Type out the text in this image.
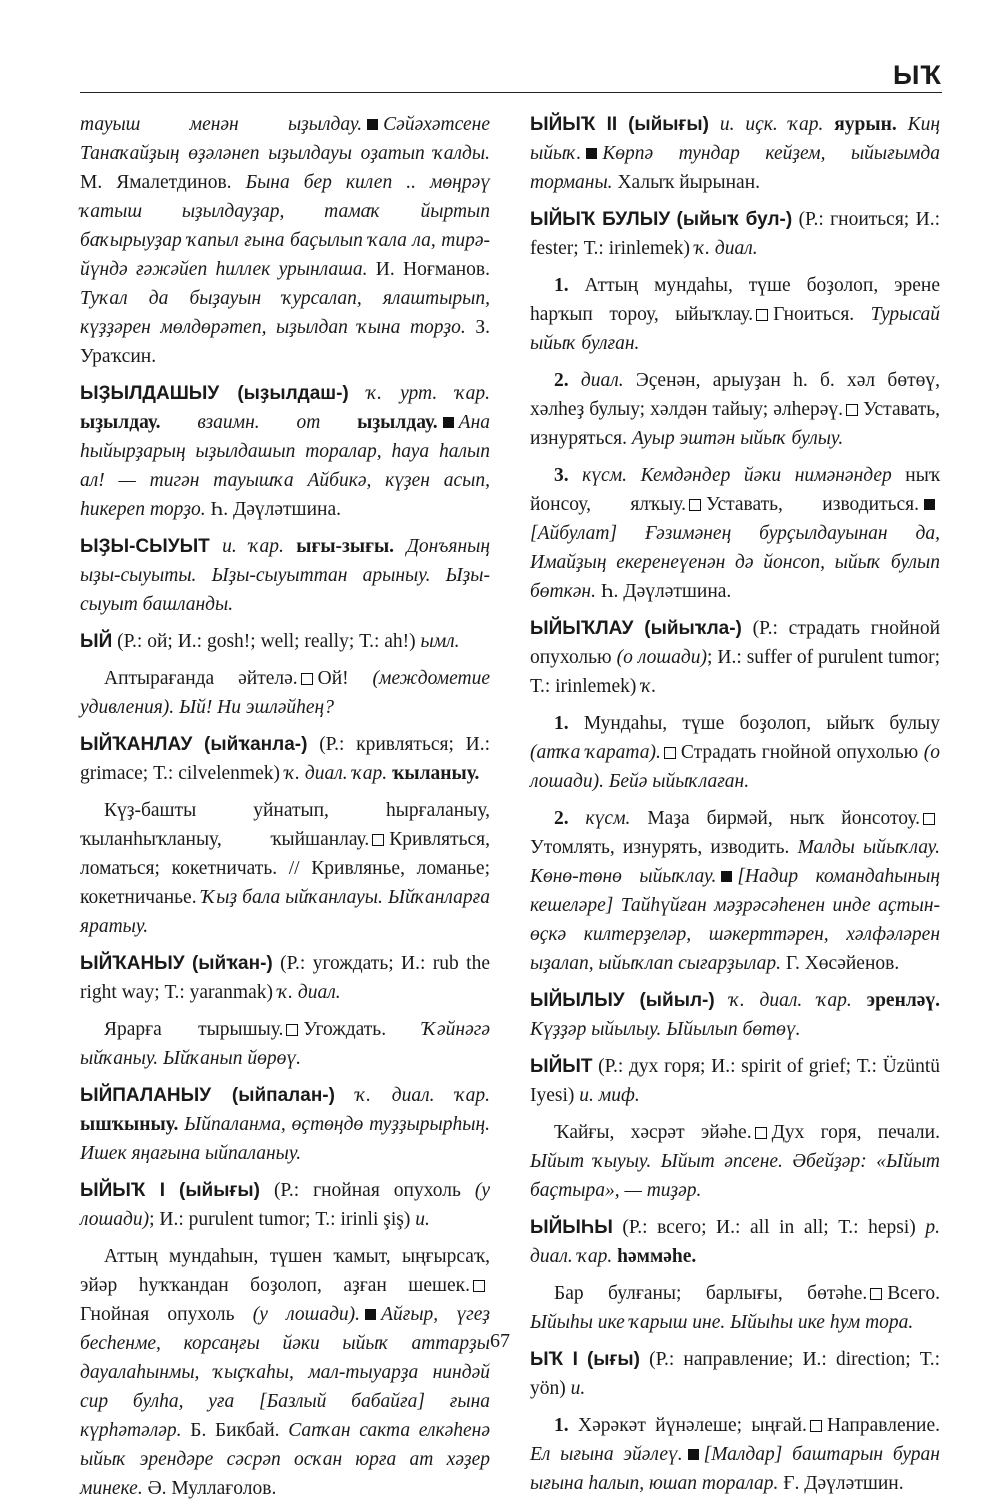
ЫҠ

тауыш менән ыҙылдау. Сәйәхәтсене Танаҡайҙың өҙәләнеп ыҙылдауы оҙатып ҡалды. М. Ямалетдинов. Бына бер килеп .. мөңрәү ҡатыш ыҙылдауҙар, тамаҡ йыртып баҡырыуҙар ҡапыл ғына баҫылып ҡала ла, тирә-йүндә ғәжәйеп һиллек урынлаша. И. Ноғманов. Туҡал да быҙауын ҡурсалап, ялаштырып, күҙҙәрен мөлдөрәтеп, ыҙылдап ҡына торҙо. З. Ураҡсин.

ЫҘЫЛДАШЫУ (ыҙылдаш-) ҡ. урт. ҡар. ыҙылдау. взаимн. от ыҙылдау. Ана һыйырҙарың ыҙылдашып торалар, һауа һалып ал! — тигән тауышҡа Айбикә, күҙен асып, һикереп торҙо. Һ. Дәүләтшина.

ЫҘЫ-СЫУЫТ и. ҡар. ығы-зығы. Донъяның ыҙы-сыуыты. Ыҙы-сыуыттан арыныу. Ыҙы-сыуыт башланды.

ЫЙ (Р.: ой; И.: gosh!; well; really; Т.: ah!) ымл.

Аптырағанда әйтелә. Ой! (междометие удивления). Ый! Ни эшләйһең?

ЫЙҠАНЛАУ (ыйҡанла-) (Р.: кривляться; И.: grimace; Т.: cilvelenmek) ҡ. диал. ҡар. ҡыланыу.

Күҙ-башты уйнатып, һырғаланыу, ҡыланһыҡланыу, ҡыйшанлау. Кривляться, ломаться; кокетничать. // Кривлянье, ломанье; кокетничанье. Ҡыҙ бала ыйҡанлауы. Ыйҡанларға яратыу.

ЫЙҠАНЫУ (ыйҡан-) (Р.: угождать; И.: rub the right way; Т.: yaranmak) ҡ. диал.

Ярарға тырышыу. Угождать. Ҡәйнәгә ыйҡаныу. Ыйҡанып йөрөү.

ЫЙПАЛАНЫУ (ыйпалан-) ҡ. диал. ҡар. ышҡыныу. Ыйпаланма, өҫтөңдө туҙҙырырһың. Ишек яңағына ыйпаланыу.

ЫЙЫҠ I (ыйығы) (Р.: гнойная опухоль (у лошади); И.: purulent tumor; Т.: irinli şiş) и.

Аттың мундаһын, түшен ҡамыт, ыңғырсаҡ, эйәр һуҡҡандан боҙолоп, аҙған шешек.Гнойная опухоль (у лошади). Айғыр, үгеҙ бесһенме, корсаңғы йәки ыйыҡ аттарҙы дауалаһынмы, ҡыҫҡаһы, мал-тыуарҙа ниндәй сир булһа, уға [Базлый бабайға] ғына күрһәтәләр. Б. Бикбай. Сапҡан сакта елкәһенә ыйыҡ эрендәре сәсрәп осҡан юрға ат хәҙер минеке. Ә. Муллағолов.

ЫЙЫҠ II (ыйығы) и. иҫк. ҡар. яурын. Киң ыйыҡ. Көрпә тундар кейҙем, ыйығымда торманы. Халыҡ йырынан.

ЫЙЫҠ БУЛЫУ (ыйыҡ бул-) (Р.: гноиться; И.: fester; Т.: irinlemek) ҡ. диал.

1. Аттың мундаһы, түше боҙолоп, эрене һарҡып тороу, ыйыҡлау. Гноиться. Турысай ыйыҡ булған.

2. диал. Эҫенән, арыуҙан һ. б. хәл бөтөү, хәлһеҙ булыу; хәлдән тайыу; әлһерәү. Уставать, изнуряться. Ауыр эштән ыйыҡ булыу.

3. күсм. Кемдәндер йәки нимәнәндер ныҡ йонсоу, ялҡыу. Уставать, изводиться.[Айбулат] Ғәзимәнең бурҫылдауынан да, Имайҙың екеренеүенән дә йонсоп, ыйыҡ булып бөткән. Һ. Дәүләтшина.

ЫЙЫҠЛАУ (ыйыҡла-) (Р.: страдать гнойной опухолью (о лошади); И.: suffer of purulent tumor; Т.: irinlemek) ҡ.

1. Мундаһы, түше боҙолоп, ыйыҡ булыу (атҡа ҡарата). Страдать гнойной опухолью (о лошади). Бейә ыйыҡлаған.

2. күсм. Маҙа бирмәй, ныҡ йонсотоу.Утомлять, изнурять, изводить. Малды ыйыҡлау. Көнө-төнө ыйыҡлау. [Надир командаһының кешеләре] Тайһүйған мәҙрәсәһенен инде аҫтын-өҫкә килтерҙеләр, шәкерттәрен, хәлфәләрен ыҙалап, ыйыҡлап сығарҙылар. Г. Хөсәйенов.

ЫЙЫЛЫУ (ыйыл-) ҡ. диал. ҡар. эренләү. Күҙҙәр ыйылыу. Ыйылып бөтөү.

ЫЙЫТ (Р.: дух горя; И.: spirit of grief; Т.: Üzüntü Iyesi) и. миф.

Ҡайғы, хәсрәт эйәһе. Дух горя, печали. Ыйыт ҡыуыу. Ыйыт әпсене. Әбейҙәр: «Ыйыт баҫтыра», — тиҙәр.

ЫЙЫҺЫ (Р.: всего; И.: all in all; Т.: hepsi) р. диал. ҡар. һәммәһе.

Бар булғаны; барлығы, бөтәһе. Всего. Ыйыһы ике ҡарыш ине. Ыйыһы ике һум тора.

ЫҠ I (ығы) (Р.: направление; И.: direction; Т.: yön) и.

1. Хәрәкәт йүнәлеше; ыңғай. Направление. Ел ығына эйәлеү. [Малдар] баштарын буран ығына һалып, юшап торалар. Ғ. Дәүләтшин.

67
